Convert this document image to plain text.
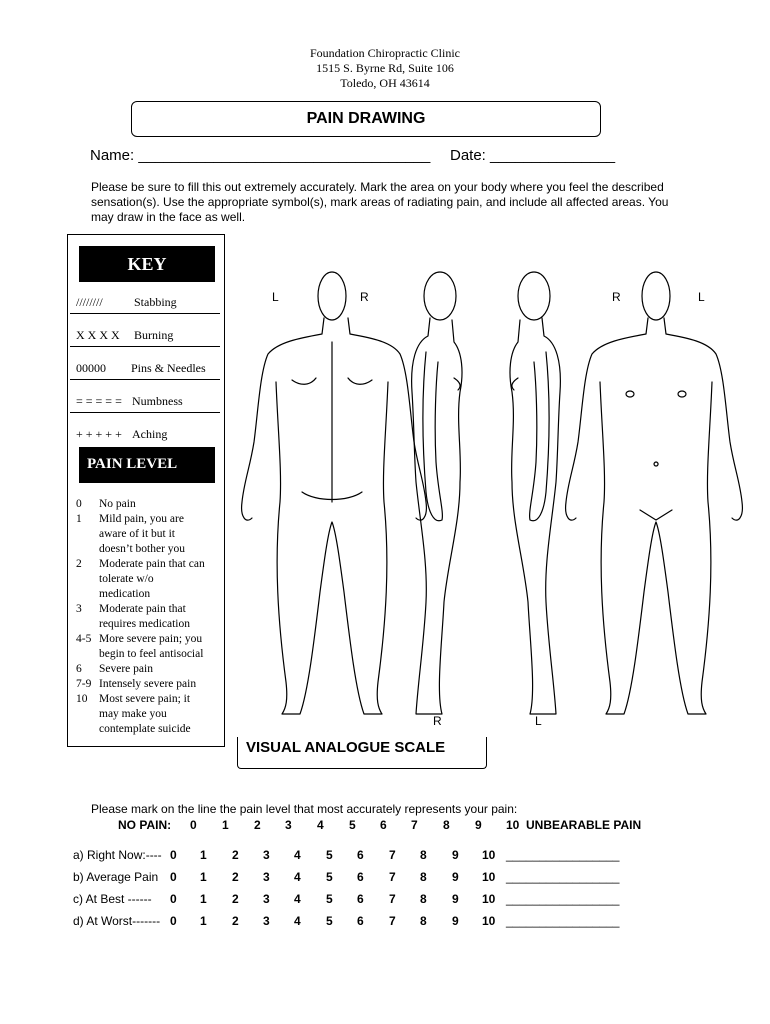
Foundation Chiropractic Clinic
1515 S. Byrne Rd, Suite 106
Toledo, OH 43614
PAIN DRAWING
Name: ___________________________________ Date: _______________
Please be sure to fill this out extremely accurately. Mark the area on your body where you feel the described sensation(s). Use the appropriate symbol(s), mark areas of radiating pain, and include all affected areas. You may draw in the face as well.
KEY
////////	Stabbing
X X X X Burning
00000 Pins & Needles
= = = = = Numbness
+ + + + + Aching
PAIN LEVEL
0	No pain
1	Mild pain, you are
aware of it but it
doesn’t bother you
2	Moderate pain that can
tolerate w/o
medication
3	Moderate pain that
requires medication
4-5 More severe pain; you
begin to feel antisocial
6	Severe pain
7-9 Intensely severe pain
10	Most severe pain; it
may make you
contemplate suicide
L	R	R	L
R	L
VISUAL ANALOGUE SCALE
Please mark on the line the pain level that most accurately represents your pain:
NO PAIN: 0 1 2 3 4 5 6 7 8 9 10  UNBEARABLE PAIN
a) Right Now:---- 0 1 2 3 4 5 6 7 8 9 10 _________________
b) Average Pain 0 1 2 3 4 5 6 7 8 9 10 _________________
c) At Best ------ 0 1 2 3 4 5 6 7 8 9 10 _________________
d) At Worst------- 0 1 2 3 4 5 6 7 8 9 10 _________________
